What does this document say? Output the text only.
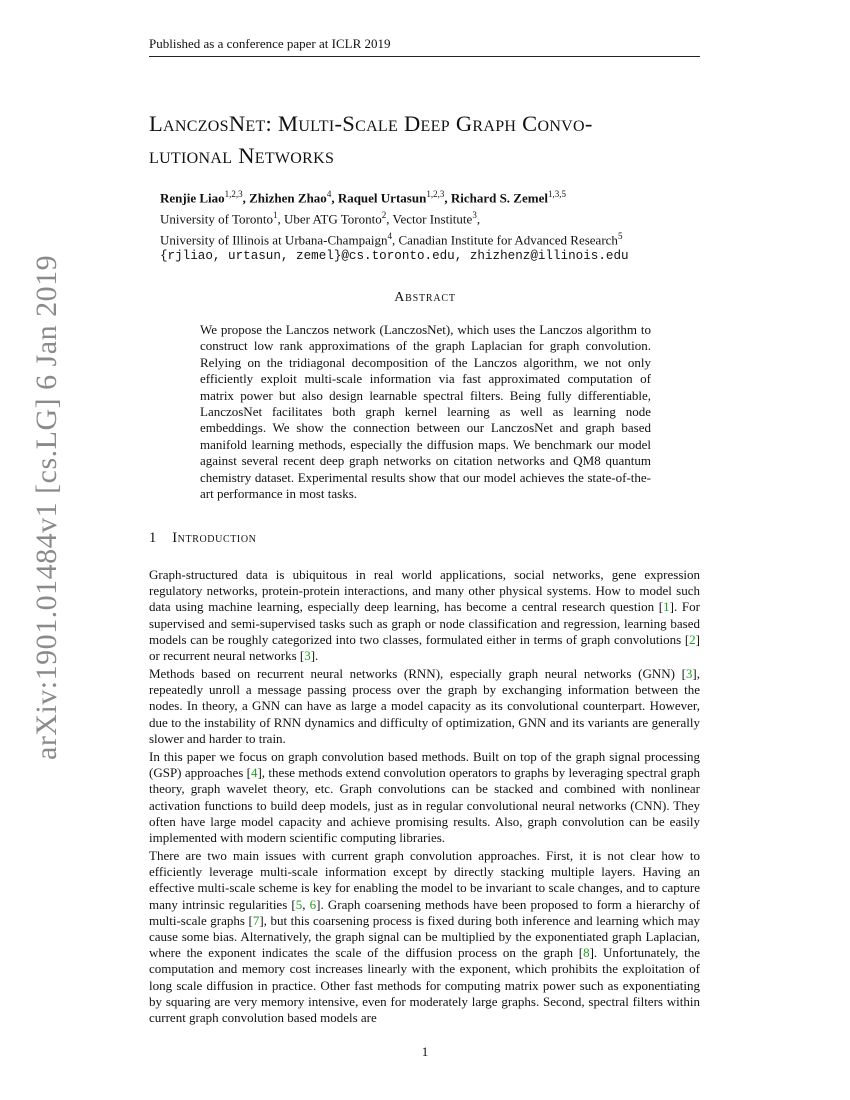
Published as a conference paper at ICLR 2019
arXiv:1901.01484v1 [cs.LG] 6 Jan 2019
LanczosNet: Multi-Scale Deep Graph Convo-
lutional Networks
Renjie Liao$^{1,2,3}$, Zhizhen Zhao$^4$, Raquel Urtasun$^{1,2,3}$, Richard S. Zemel$^{1,3,5}$
University of Toronto$^1$, Uber ATG Toronto$^2$, Vector Institute$^3$,
University of Illinois at Urbana-Champaign$^4$, Canadian Institute for Advanced Research$^5$
{rjliao, urtasun, zemel}@cs.toronto.edu, zhizhenz@illinois.edu
Abstract

We propose the Lanczos network (LanczosNet), which uses the Lanczos algorithm to construct low rank approximations of the graph Laplacian for graph convolution. Relying on the tridiagonal decomposition of the Lanczos algorithm, we not only efficiently exploit multi-scale information via fast approximated computation of matrix power but also design learnable spectral filters. Being fully differentiable, LanczosNet facilitates both graph kernel learning as well as learning node embeddings. We show the connection between our LanczosNet and graph based manifold learning methods, especially the diffusion maps. We benchmark our model against several recent deep graph networks on citation networks and QM8 quantum chemistry dataset. Experimental results show that our model achieves the state-of-the-art performance in most tasks.

1 Introduction

Graph-structured data is ubiquitous in real world applications, social networks, gene expression regulatory networks, protein-protein interactions, and many other physical systems. How to model such data using machine learning, especially deep learning, has become a central research question [1]. For supervised and semi-supervised tasks such as graph or node classification and regression, learning based models can be roughly categorized into two classes, formulated either in terms of graph convolutions [2] or recurrent neural networks [3].

Methods based on recurrent neural networks (RNN), especially graph neural networks (GNN) [3], repeatedly unroll a message passing process over the graph by exchanging information between the nodes. In theory, a GNN can have as large a model capacity as its convolutional counterpart. However, due to the instability of RNN dynamics and difficulty of optimization, GNN and its variants are generally slower and harder to train.

In this paper we focus on graph convolution based methods. Built on top of the graph signal processing (GSP) approaches [4], these methods extend convolution operators to graphs by leveraging spectral graph theory, graph wavelet theory, etc. Graph convolutions can be stacked and combined with nonlinear activation functions to build deep models, just as in regular convolutional neural networks (CNN). They often have large model capacity and achieve promising results. Also, graph convolution can be easily implemented with modern scientific computing libraries.

There are two main issues with current graph convolution approaches. First, it is not clear how to efficiently leverage multi-scale information except by directly stacking multiple layers. Having an effective multi-scale scheme is key for enabling the model to be invariant to scale changes, and to capture many intrinsic regularities [5, 6]. Graph coarsening methods have been proposed to form a hierarchy of multi-scale graphs [7], but this coarsening process is fixed during both inference and learning which may cause some bias. Alternatively, the graph signal can be multiplied by the exponentiated graph Laplacian, where the exponent indicates the scale of the diffusion process on the graph [8]. Unfortunately, the computation and memory cost increases linearly with the exponent, which prohibits the exploitation of long scale diffusion in practice. Other fast methods for computing matrix power such as exponentiating by squaring are very memory intensive, even for moderately large graphs. Second, spectral filters within current graph convolution based models are

1
